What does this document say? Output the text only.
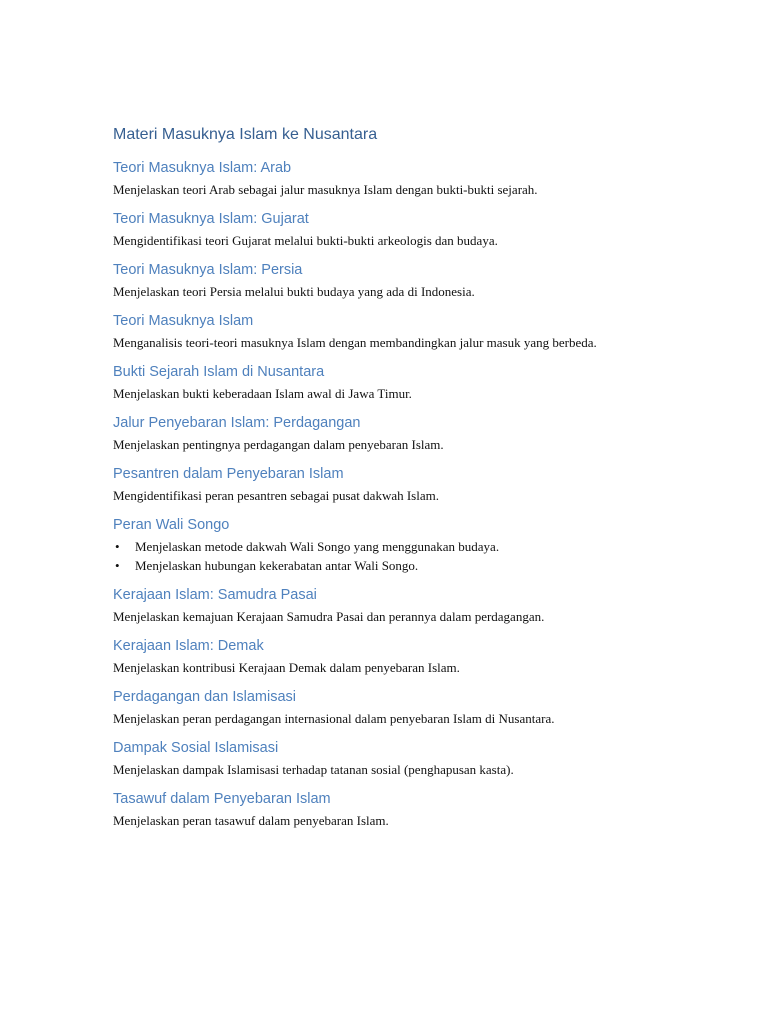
Materi Masuknya Islam ke Nusantara
Teori Masuknya Islam: Arab

Menjelaskan teori Arab sebagai jalur masuknya Islam dengan bukti-bukti sejarah.

Teori Masuknya Islam: Gujarat

Mengidentifikasi teori Gujarat melalui bukti-bukti arkeologis dan budaya.

Teori Masuknya Islam: Persia

Menjelaskan teori Persia melalui bukti budaya yang ada di Indonesia.

Teori Masuknya Islam

Menganalisis teori-teori masuknya Islam dengan membandingkan jalur masuk yang berbeda.

Bukti Sejarah Islam di Nusantara

Menjelaskan bukti keberadaan Islam awal di Jawa Timur.

Jalur Penyebaran Islam: Perdagangan

Menjelaskan pentingnya perdagangan dalam penyebaran Islam.

Pesantren dalam Penyebaran Islam

Mengidentifikasi peran pesantren sebagai pusat dakwah Islam.

Peran Wali Songo
• Menjelaskan metode dakwah Wali Songo yang menggunakan budaya.
• Menjelaskan hubungan kekerabatan antar Wali Songo.
Kerajaan Islam: Samudra Pasai

Menjelaskan kemajuan Kerajaan Samudra Pasai dan perannya dalam perdagangan.

Kerajaan Islam: Demak

Menjelaskan kontribusi Kerajaan Demak dalam penyebaran Islam.

Perdagangan dan Islamisasi

Menjelaskan peran perdagangan internasional dalam penyebaran Islam di Nusantara.

Dampak Sosial Islamisasi

Menjelaskan dampak Islamisasi terhadap tatanan sosial (penghapusan kasta).

Tasawuf dalam Penyebaran Islam

Menjelaskan peran tasawuf dalam penyebaran Islam.
